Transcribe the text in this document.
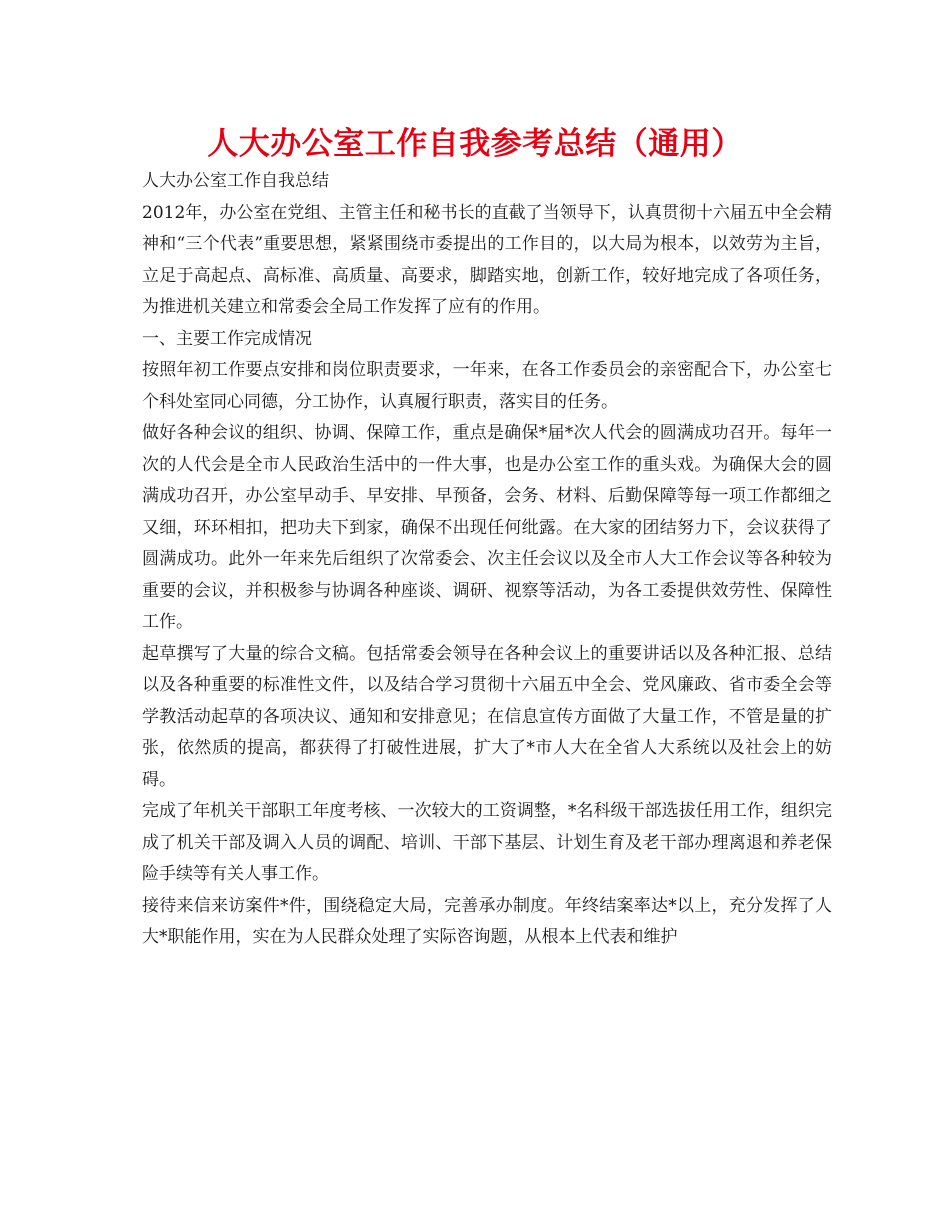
人大办公室工作自我参考总结（通用）

人大办公室工作自我总结

2012年，办公室在党组、主管主任和秘书长的直截了当领导下，认真贯彻十六届五中全会精神和“三个代表”重要思想，紧紧围绕市委提出的工作目的，以大局为根本，以效劳为主旨，立足于高起点、高标准、高质量、高要求，脚踏实地，创新工作，较好地完成了各项任务，为推进机关建立和常委会全局工作发挥了应有的作用。

一、主要工作完成情况

按照年初工作要点安排和岗位职责要求，一年来，在各工作委员会的亲密配合下，办公室七个科处室同心同德，分工协作，认真履行职责，落实目的任务。

做好各种会议的组织、协调、保障工作，重点是确保*届*次人代会的圆满成功召开。每年一次的人代会是全市人民政治生活中的一件大事，也是办公室工作的重头戏。为确保大会的圆满成功召开，办公室早动手、早安排、早预备，会务、材料、后勤保障等每一项工作都细之又细，环环相扣，把功夫下到家，确保不出现任何纰露。在大家的团结努力下，会议获得了圆满成功。此外一年来先后组织了次常委会、次主任会议以及全市人大工作会议等各种较为重要的会议，并积极参与协调各种座谈、调研、视察等活动，为各工委提供效劳性、保障性工作。

起草撰写了大量的综合文稿。包括常委会领导在各种会议上的重要讲话以及各种汇报、总结以及各种重要的标准性文件，以及结合学习贯彻十六届五中全会、党风廉政、省市委全会等学教活动起草的各项决议、通知和安排意见；在信息宣传方面做了大量工作，不管是量的扩张，依然质的提高，都获得了打破性进展，扩大了*市人大在全省人大系统以及社会上的妨碍。

完成了年机关干部职工年度考核、一次较大的工资调整，*名科级干部选拔任用工作，组织完成了机关干部及调入人员的调配、培训、干部下基层、计划生育及老干部办理离退和养老保险手续等有关人事工作。

接待来信来访案件*件，围绕稳定大局，完善承办制度。年终结案率达*以上，充分发挥了人大*职能作用，实在为人民群众处理了实际咨询题，从根本上代表和维护
